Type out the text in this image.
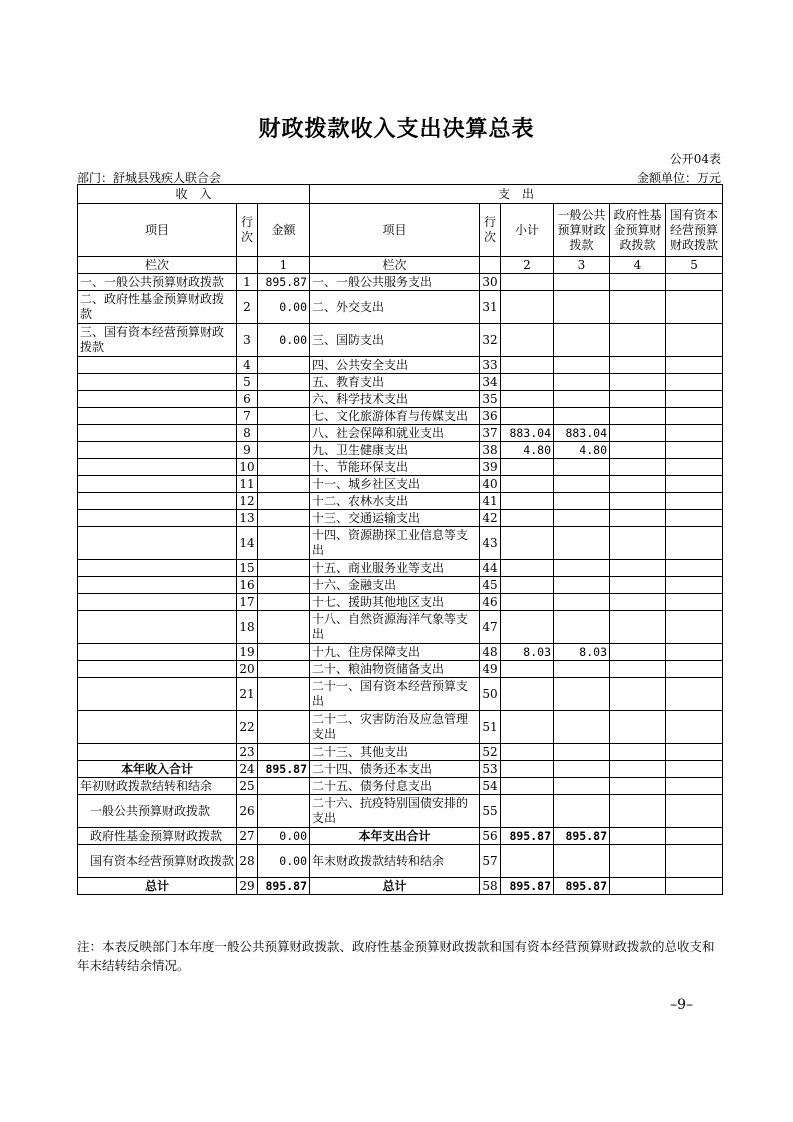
财政拨款收入支出决算总表
公开04表
部门：舒城县残疾人联合会	金额单位：万元
收　入			支　出					
项目	行次	金额	项目	行次	小计	一般公共预算财政拨款	政府性基金预算财政拨款	国有资本经营预算财政拨款
栏次		1	栏次		2	3	4	5
一、一般公共预算财政拨款	1	895.87	一、一般公共服务支出	30				
二、政府性基金预算财政拨款	2	0.00	二、外交支出	31				
三、国有资本经营预算财政拨款	3	0.00	三、国防支出	32				
	4		四、公共安全支出	33				
	5		五、教育支出	34				
	6		六、科学技术支出	35				
	7		七、文化旅游体育与传媒支出	36				
	8		八、社会保障和就业支出	37	883.04	883.04		
	9		九、卫生健康支出	38	4.80	4.80		
	10		十、节能环保支出	39				
	11		十一、城乡社区支出	40				
	12		十二、农林水支出	41				
	13		十三、交通运输支出	42				
	14		十四、资源勘探工业信息等支出	43				
	15		十五、商业服务业等支出	44				
	16		十六、金融支出	45				
	17		十七、援助其他地区支出	46				
	18		十八、自然资源海洋气象等支出	47				
	19		十九、住房保障支出	48	8.03	8.03		
	20		二十、粮油物资储备支出	49				
	21		二十一、国有资本经营预算支出	50				
	22		二十二、灾害防治及应急管理支出	51				
	23		二十三、其他支出	52				
本年收入合计	24	895.87	二十四、债务还本支出	53				
年初财政拨款结转和结余	25		二十五、债务付息支出	54				
一般公共预算财政拨款	26		二十六、抗疫特别国债安排的支出	55				
政府性基金预算财政拨款	27	0.00	本年支出合计	56	895.87	895.87		
国有资本经营预算财政拨款	28	0.00	年末财政拨款结转和结余	57				
总计	29	895.87	总计	58	895.87	895.87		
注：本表反映部门本年度一般公共预算财政拨款、政府性基金预算财政拨款和国有资本经营预算财政拨款的总收支和年末结转结余情况。
–9–
